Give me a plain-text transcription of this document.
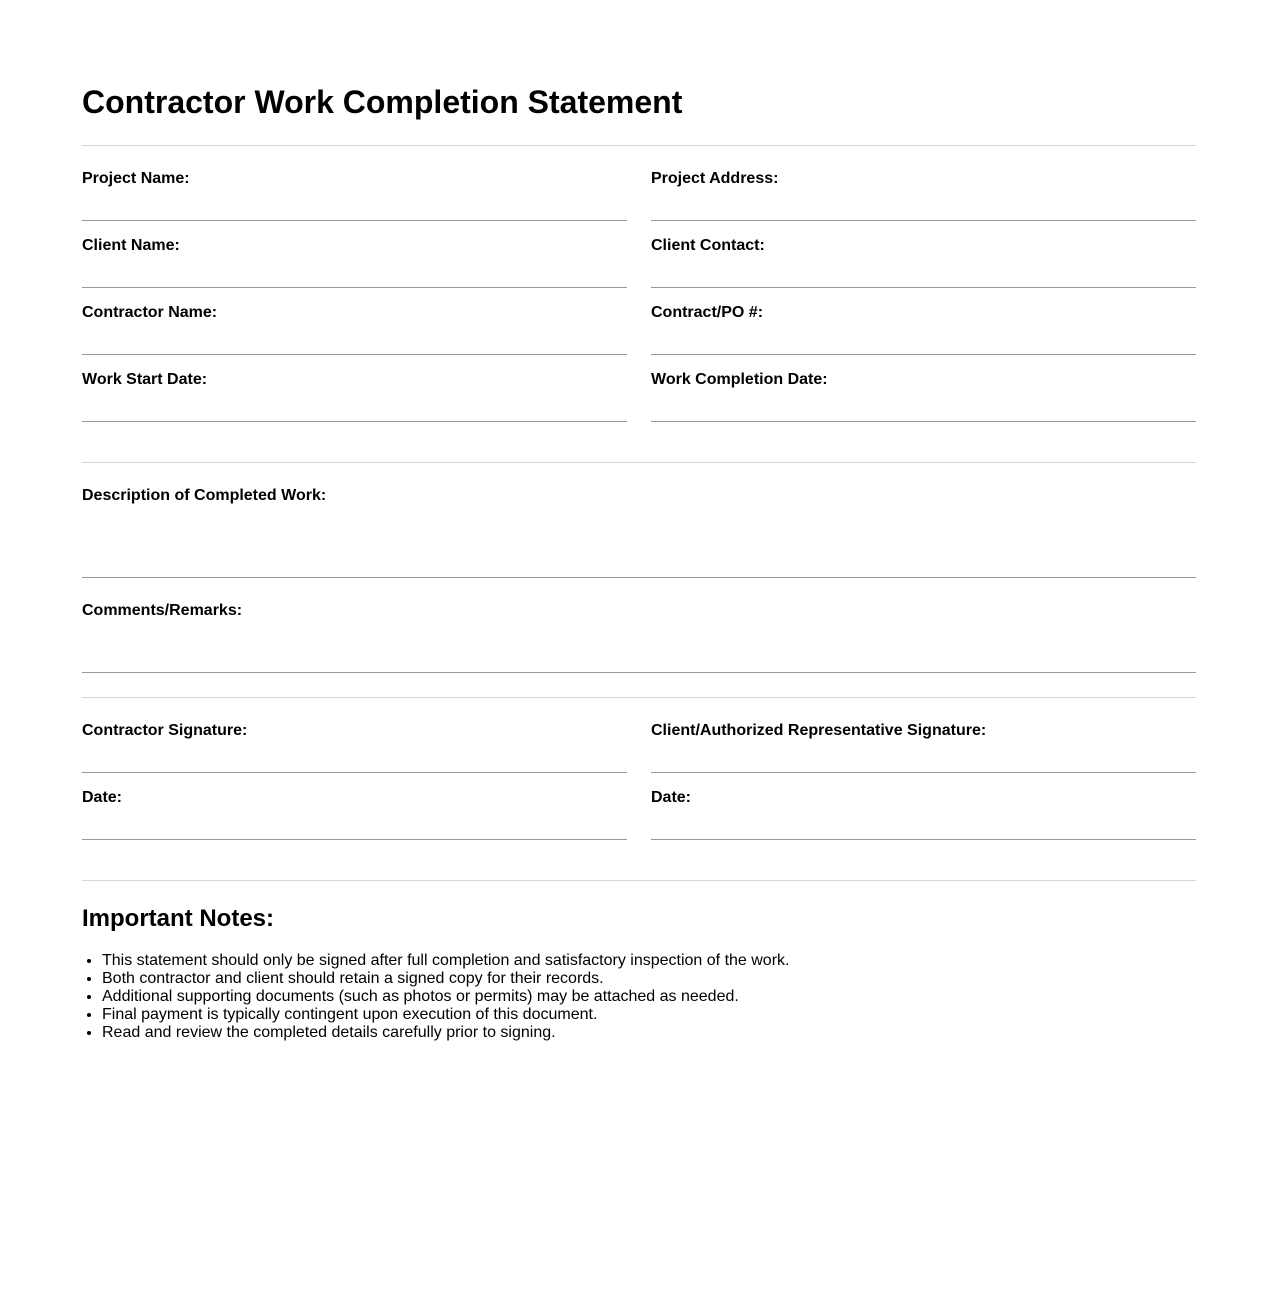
Contractor Work Completion Statement
Project Name:	Project Address:
Client Name:	Client Contact:
Contractor Name:	Contract/PO #:
Work Start Date:	Work Completion Date:
Description of Completed Work:
Comments/Remarks:
Contractor Signature:	Client/Authorized Representative Signature:
Date:	Date:
Important Notes:
• This statement should only be signed after full completion and satisfactory inspection of the work.
• Both contractor and client should retain a signed copy for their records.
• Additional supporting documents (such as photos or permits) may be attached as needed.
• Final payment is typically contingent upon execution of this document.
• Read and review the completed details carefully prior to signing.
